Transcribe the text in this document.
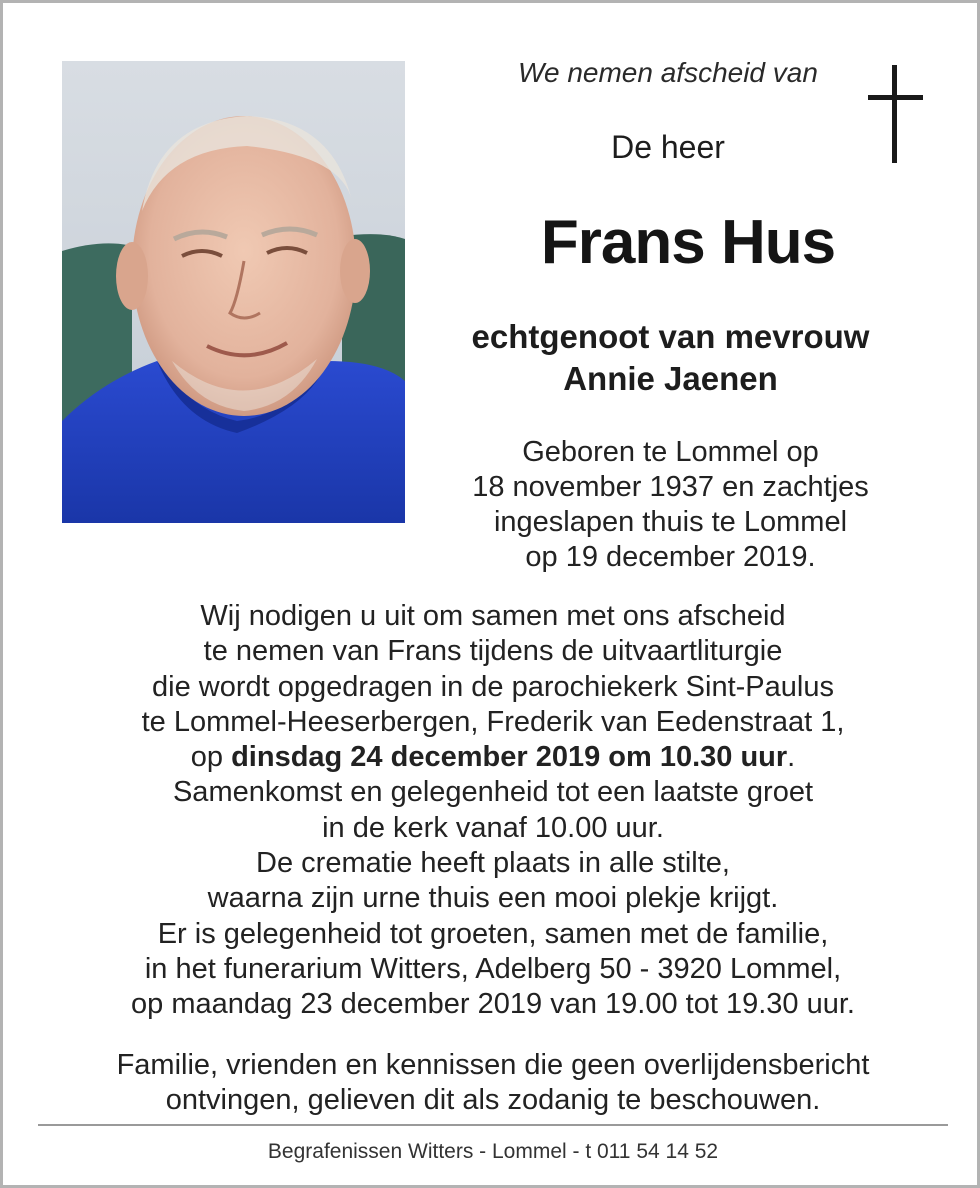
We nemen afscheid van
De heer
Frans Hus
echtgenoot van mevrouw
Annie Jaenen
Geboren te Lommel op
18 november 1937 en zachtjes
ingeslapen thuis te Lommel
op 19 december 2019.
Wij nodigen u uit om samen met ons afscheid
te nemen van Frans tijdens de uitvaartliturgie
die wordt opgedragen in de parochiekerk Sint-Paulus
te Lommel-Heeserbergen, Frederik van Eedenstraat 1,
op dinsdag 24 december 2019 om 10.30 uur.
Samenkomst en gelegenheid tot een laatste groet
in de kerk vanaf 10.00 uur.
De crematie heeft plaats in alle stilte,
waarna zijn urne thuis een mooi plekje krijgt.
Er is gelegenheid tot groeten, samen met de familie,
in het funerarium Witters, Adelberg 50 - 3920 Lommel,
op maandag 23 december 2019 van 19.00 tot 19.30 uur.
Familie, vrienden en kennissen die geen overlijdensbericht
ontvingen, gelieven dit als zodanig te beschouwen.
Begrafenissen Witters - Lommel - t 011 54 14 52
